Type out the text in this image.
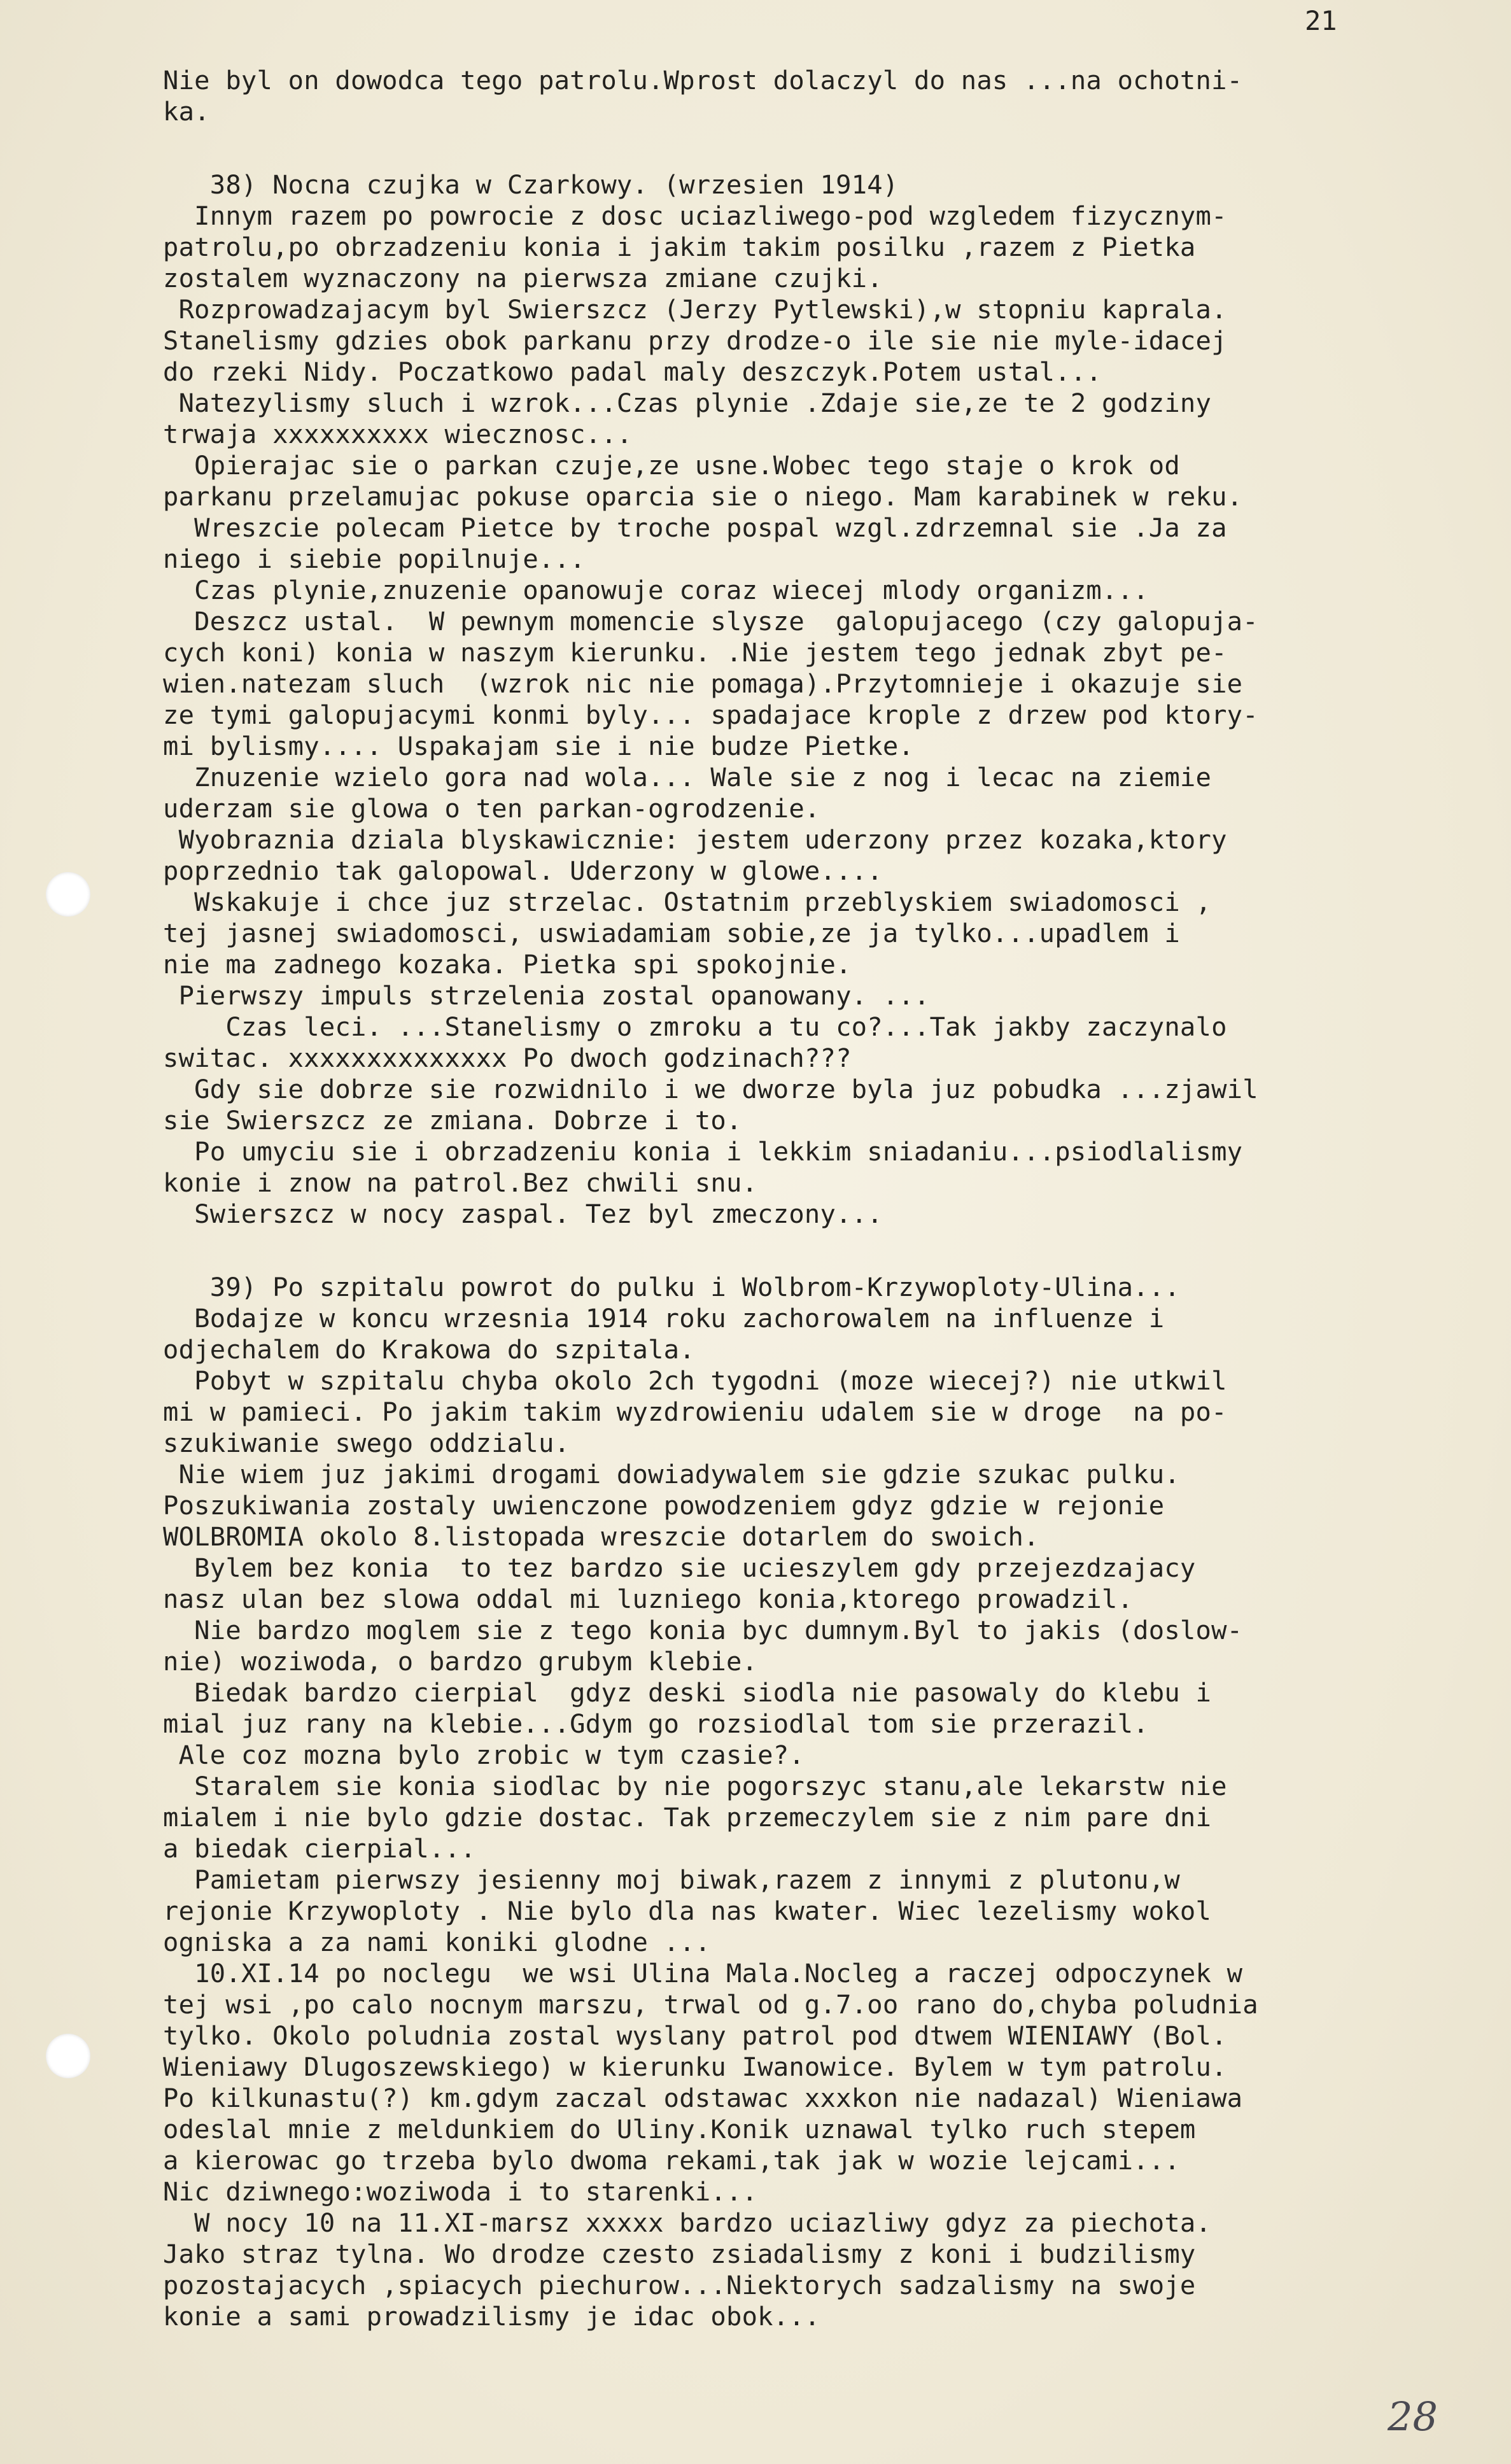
21
Nie byl on dowodca tego patrolu.Wprost dolaczyl do nas ...na ochotni-
ka.
38) Nocna czujka w Czarkowy. (wrzesien 1914)
Innym razem po powrocie z dosc uciazliwego-pod wzgledem fizycznym-
patrolu,po obrzadzeniu konia i jakim takim posilku ,razem z Pietka
zostalem wyznaczony na pierwsza zmiane czujki.
Rozprowadzajacym byl Swierszcz (Jerzy Pytlewski),w stopniu kaprala.
Stanelismy gdzies obok parkanu przy drodze-o ile sie nie myle-idacej
do rzeki Nidy. Poczatkowo padal maly deszczyk.Potem ustal...
Natezylismy sluch i wzrok...Czas plynie .Zdaje sie,ze te 2 godziny
trwaja xxxxxxxxxx wiecznosc...
Opierajac sie o parkan czuje,ze usne.Wobec tego staje o krok od
parkanu przelamujac pokuse oparcia sie o niego. Mam karabinek w reku.
Wreszcie polecam Pietce by troche pospal wzgl.zdrzemnal sie .Ja za
niego i siebie popilnuje...
Czas plynie,znuzenie opanowuje coraz wiecej mlody organizm...
Deszcz ustal.  W pewnym momencie slysze  galopujacego (czy galopuja-
cych koni) konia w naszym kierunku. .Nie jestem tego jednak zbyt pe-
wien.natezam sluch  (wzrok nic nie pomaga).Przytomnieje i okazuje sie
ze tymi galopujacymi konmi byly... spadajace krople z drzew pod ktory-
mi bylismy.... Uspakajam sie i nie budze Pietke.
Znuzenie wzielo gora nad wola... Wale sie z nog i lecac na ziemie
uderzam sie glowa o ten parkan-ogrodzenie.
Wyobraznia dziala blyskawicznie: jestem uderzony przez kozaka,ktory
poprzednio tak galopowal. Uderzony w glowe....
Wskakuje i chce juz strzelac. Ostatnim przeblyskiem swiadomosci ,
tej jasnej swiadomosci, uswiadamiam sobie,ze ja tylko...upadlem i
nie ma zadnego kozaka. Pietka spi spokojnie.
Pierwszy impuls strzelenia zostal opanowany. ...
Czas leci. ...Stanelismy o zmroku a tu co?...Tak jakby zaczynalo
switac. xxxxxxxxxxxxxx Po dwoch godzinach???
Gdy sie dobrze sie rozwidnilo i we dworze byla juz pobudka ...zjawil
sie Swierszcz ze zmiana. Dobrze i to.
Po umyciu sie i obrzadzeniu konia i lekkim sniadaniu...psiodlalismy
konie i znow na patrol.Bez chwili snu.
Swierszcz w nocy zaspal. Tez byl zmeczony...
39) Po szpitalu powrot do pulku i Wolbrom-Krzywoploty-Ulina...
Bodajze w koncu wrzesnia 1914 roku zachorowalem na influenze i
odjechalem do Krakowa do szpitala.
Pobyt w szpitalu chyba okolo 2ch tygodni (moze wiecej?) nie utkwil
mi w pamieci. Po jakim takim wyzdrowieniu udalem sie w droge  na po-
szukiwanie swego oddzialu.
Nie wiem juz jakimi drogami dowiadywalem sie gdzie szukac pulku.
Poszukiwania zostaly uwienczone powodzeniem gdyz gdzie w rejonie
WOLBROMIA okolo 8.listopada wreszcie dotarlem do swoich.
Bylem bez konia  to tez bardzo sie ucieszylem gdy przejezdzajacy
nasz ulan bez slowa oddal mi luzniego konia,ktorego prowadzil.
Nie bardzo moglem sie z tego konia byc dumnym.Byl to jakis (doslow-
nie) woziwoda, o bardzo grubym klebie.
Biedak bardzo cierpial  gdyz deski siodla nie pasowaly do klebu i
mial juz rany na klebie...Gdym go rozsiodlal tom sie przerazil.
Ale coz mozna bylo zrobic w tym czasie?.
Staralem sie konia siodlac by nie pogorszyc stanu,ale lekarstw nie
mialem i nie bylo gdzie dostac. Tak przemeczylem sie z nim pare dni
a biedak cierpial...
Pamietam pierwszy jesienny moj biwak,razem z innymi z plutonu,w
rejonie Krzywoploty . Nie bylo dla nas kwater. Wiec lezelismy wokol
ogniska a za nami koniki glodne ...
10.XI.14 po noclegu  we wsi Ulina Mala.Nocleg a raczej odpoczynek w
tej wsi ,po calo nocnym marszu, trwal od g.7.oo rano do,chyba poludnia
tylko. Okolo poludnia zostal wyslany patrol pod dtwem WIENIAWY (Bol.
Wieniawy Dlugoszewskiego) w kierunku Iwanowice. Bylem w tym patrolu.
Po kilkunastu(?) km.gdym zaczal odstawac xxxkon nie nadazal) Wieniawa
odeslal mnie z meldunkiem do Uliny.Konik uznawal tylko ruch stepem
a kierowac go trzeba bylo dwoma rekami,tak jak w wozie lejcami...
Nic dziwnego:woziwoda i to starenki...
W nocy 10 na 11.XI-marsz xxxxx bardzo uciazliwy gdyz za piechota.
Jako straz tylna. Wo drodze czesto zsiadalismy z koni i budzilismy
pozostajacych ,spiacych piechurow...Niektorych sadzalismy na swoje
konie a sami prowadzilismy je idac obok...
28
